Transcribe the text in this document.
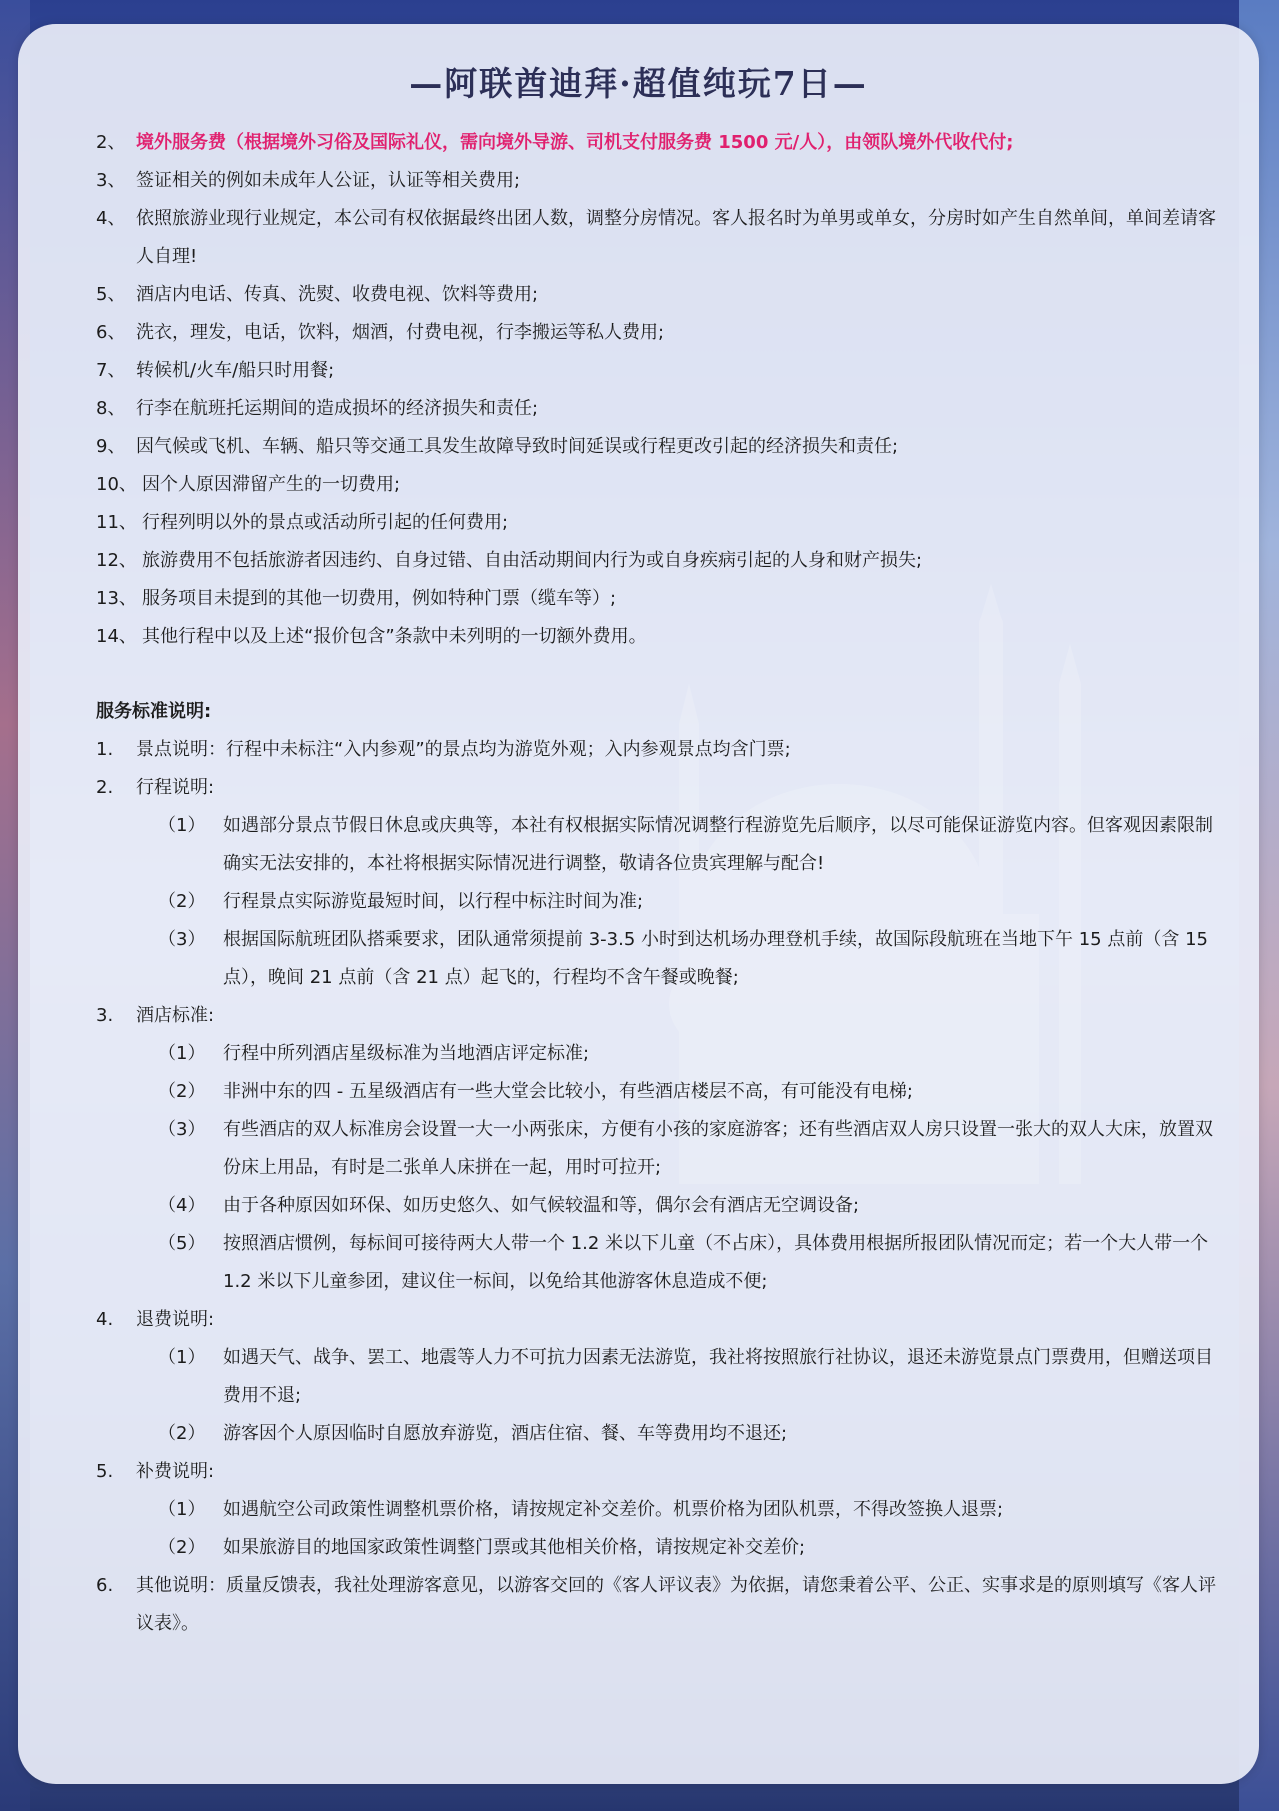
—阿联酋迪拜·超值纯玩7日—
2、 境外服务费（根据境外习俗及国际礼仪，需向境外导游、司机支付服务费 1500 元/人），由领队境外代收代付;
3、 签证相关的例如未成年人公证，认证等相关费用;
4、 依照旅游业现行业规定，本公司有权依据最终出团人数，调整分房情况。客人报名时为单男或单女，分房时如产生自然单间，单间差请客人自理!
5、 酒店内电话、传真、洗熨、收费电视、饮料等费用;
6、 洗衣，理发，电话，饮料，烟酒，付费电视，行李搬运等私人费用;
7、 转候机/火车/船只时用餐;
8、 行李在航班托运期间的造成损坏的经济损失和责任;
9、 因气候或飞机、车辆、船只等交通工具发生故障导致时间延误或行程更改引起的经济损失和责任;
10、 因个人原因滞留产生的一切费用;
11、 行程列明以外的景点或活动所引起的任何费用;
12、 旅游费用不包括旅游者因违约、自身过错、自由活动期间内行为或自身疾病引起的人身和财产损失;
13、 服务项目未提到的其他一切费用，例如特种门票（缆车等）;
14、 其他行程中以及上述“报价包含”条款中未列明的一切额外费用。
服务标准说明:
1.	景点说明：行程中未标注“入内参观”的景点均为游览外观；入内参观景点均含门票;
2.	行程说明:
（1） 如遇部分景点节假日休息或庆典等，本社有权根据实际情况调整行程游览先后顺序，以尽可能保证游览内容。但客观因素限制确实无法安排的，本社将根据实际情况进行调整，敬请各位贵宾理解与配合!
（2） 行程景点实际游览最短时间，以行程中标注时间为准;
（3） 根据国际航班团队搭乘要求，团队通常须提前 3-3.5 小时到达机场办理登机手续，故国际段航班在当地下午 15 点前（含 15 点），晚间 21 点前（含 21 点）起飞的，行程均不含午餐或晚餐;
3.	酒店标准:
（1） 行程中所列酒店星级标准为当地酒店评定标准;
（2） 非洲中东的四 - 五星级酒店有一些大堂会比较小，有些酒店楼层不高，有可能没有电梯;
（3） 有些酒店的双人标准房会设置一大一小两张床，方便有小孩的家庭游客；还有些酒店双人房只设置一张大的双人大床，放置双份床上用品，有时是二张单人床拼在一起，用时可拉开;
（4） 由于各种原因如环保、如历史悠久、如气候较温和等，偶尔会有酒店无空调设备;
（5） 按照酒店惯例，每标间可接待两大人带一个 1.2 米以下儿童（不占床），具体费用根据所报团队情况而定；若一个大人带一个 1.2 米以下儿童参团，建议住一标间，以免给其他游客休息造成不便;
4.	退费说明:
（1） 如遇天气、战争、罢工、地震等人力不可抗力因素无法游览，我社将按照旅行社协议，退还未游览景点门票费用，但赠送项目费用不退;
（2） 游客因个人原因临时自愿放弃游览，酒店住宿、餐、车等费用均不退还;
5.	补费说明:
（1） 如遇航空公司政策性调整机票价格，请按规定补交差价。机票价格为团队机票，不得改签换人退票;
（2） 如果旅游目的地国家政策性调整门票或其他相关价格，请按规定补交差价;
6.	其他说明：质量反馈表，我社处理游客意见，以游客交回的《客人评议表》为依据，请您秉着公平、公正、实事求是的原则填写《客人评议表》。
